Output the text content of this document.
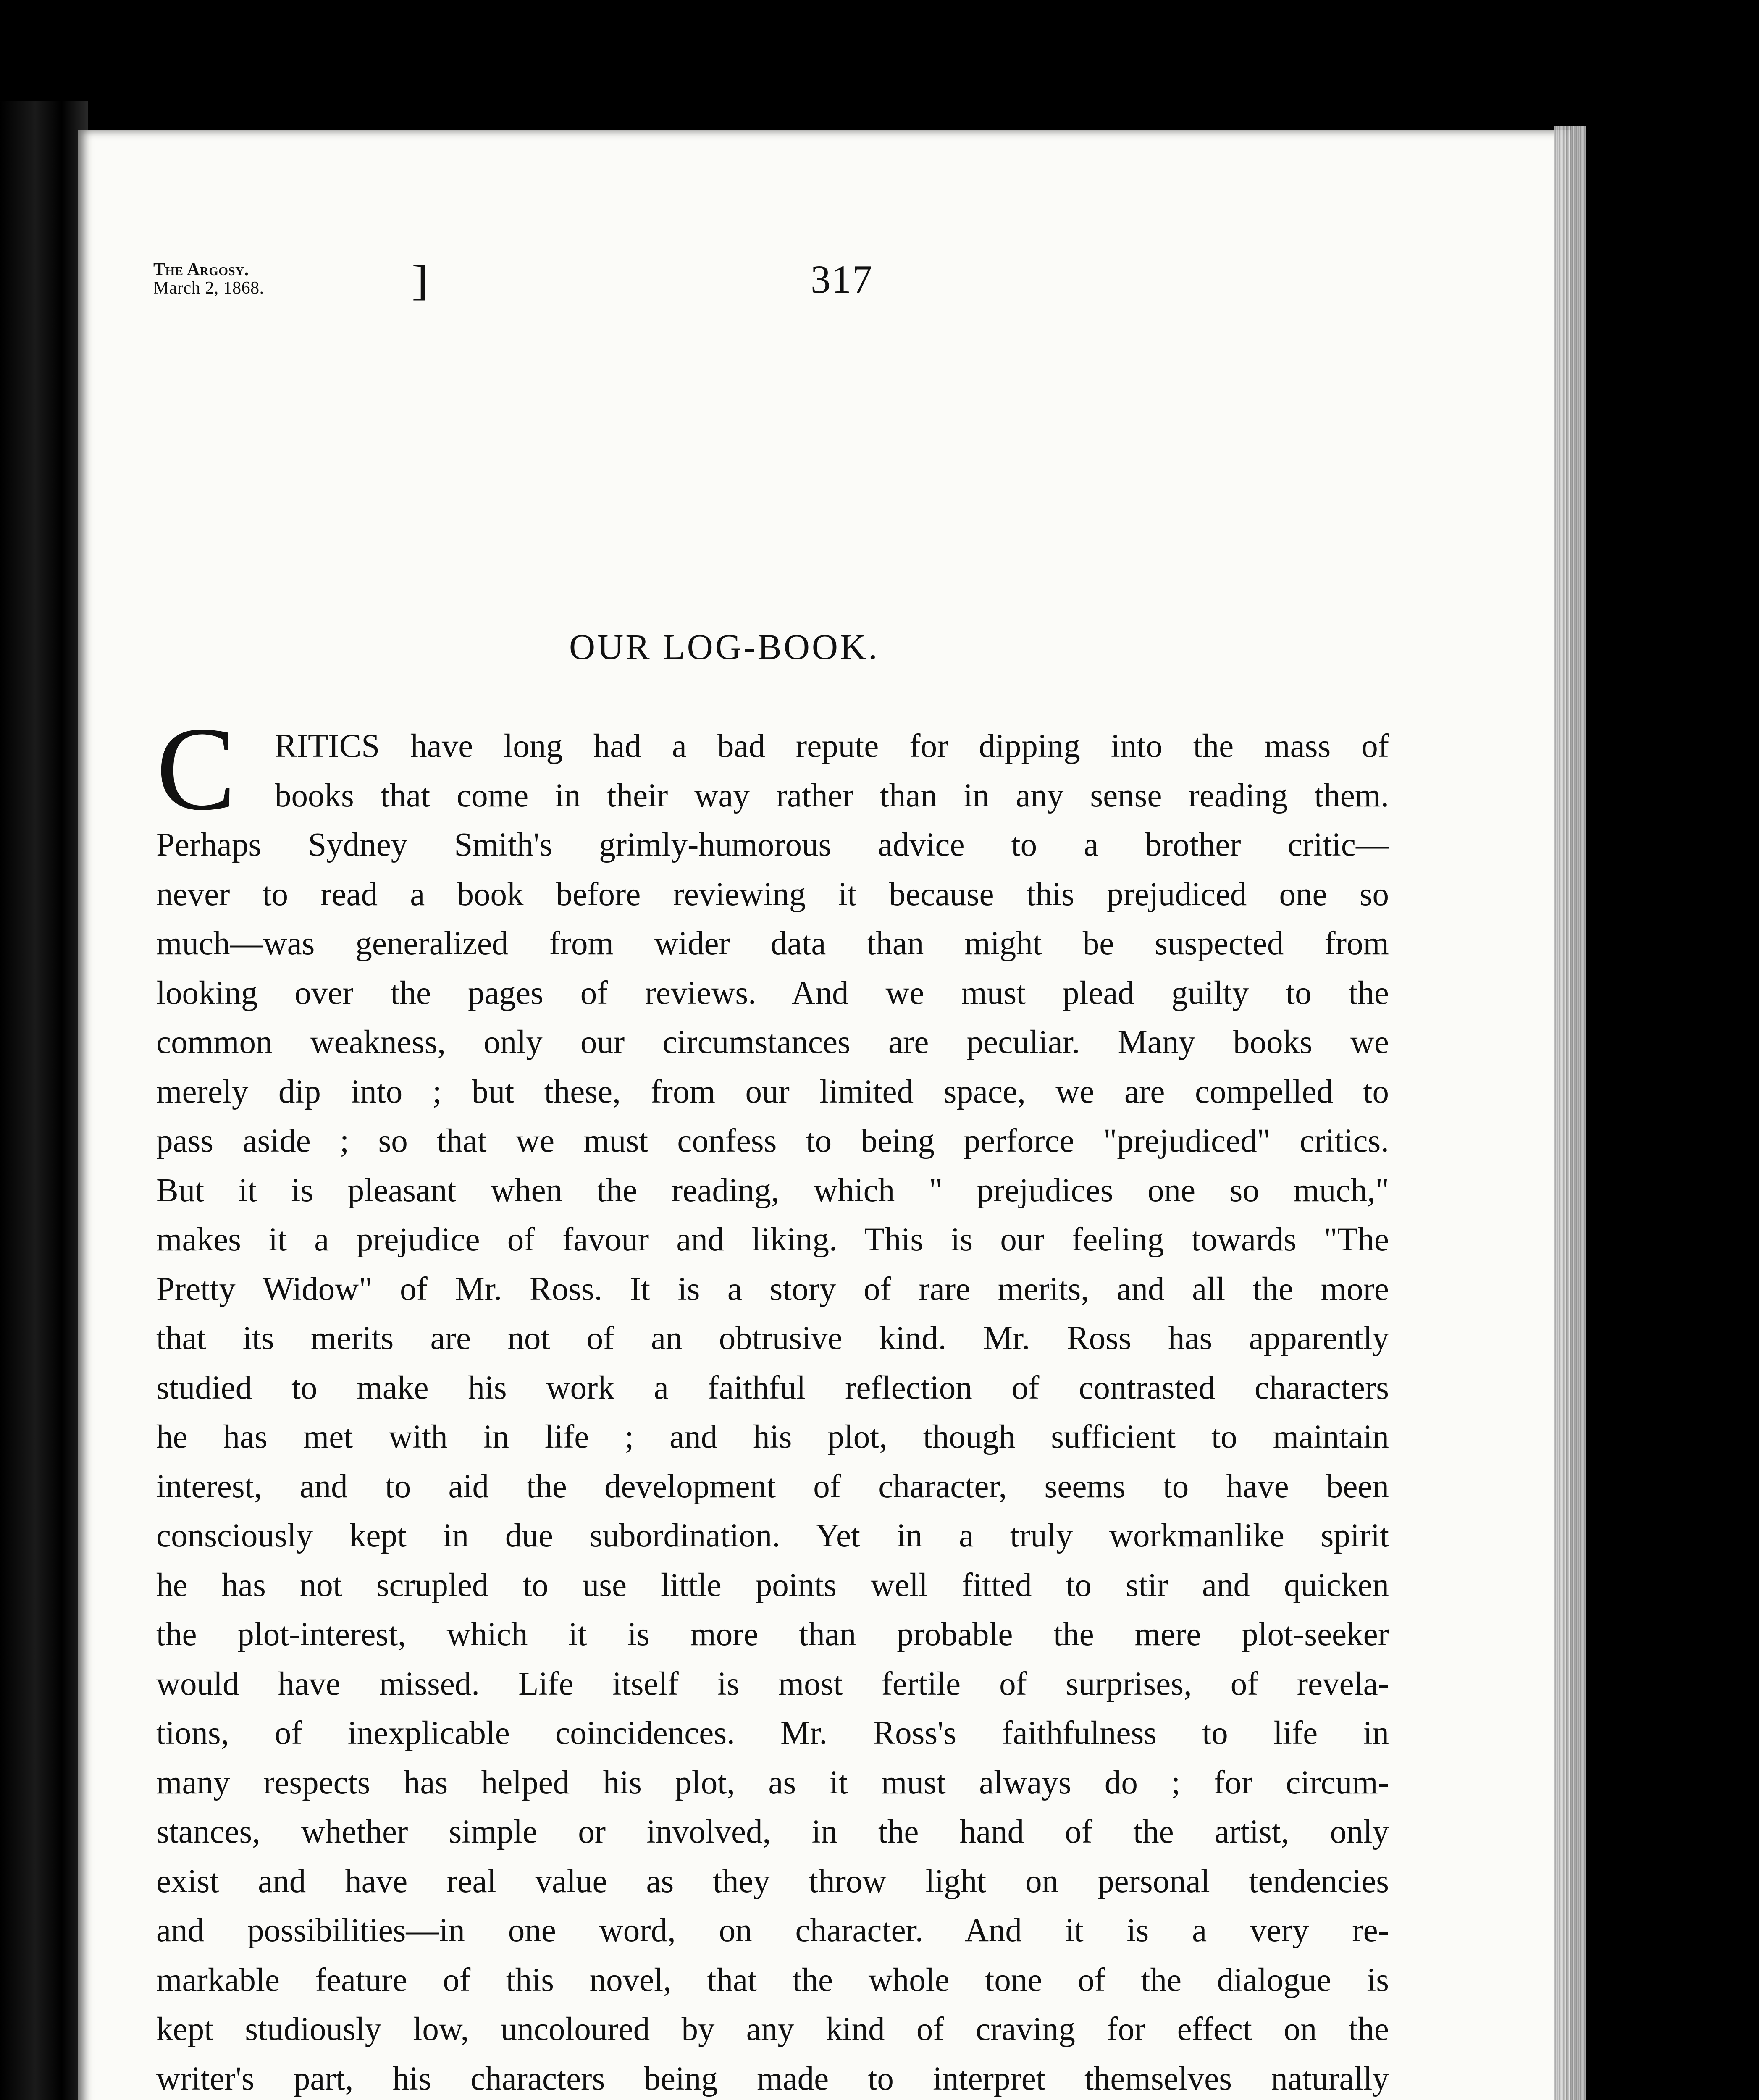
The Argosy.
March 2, 1868.	]	317
OUR LOG-BOOK.
C	RITICS have long had a bad repute for dipping into the mass of
books that come in their way rather than in any sense reading them.
Perhaps Sydney Smith's grimly-humorous advice to a brother critic—
never to read a book before reviewing it because this prejudiced one so
much—was generalized from wider data than might be suspected from
looking over the pages of reviews. And we must plead guilty to the
common weakness, only our circumstances are peculiar. Many books we
merely dip into ; but these, from our limited space, we are compelled to
pass aside ; so that we must confess to being perforce "prejudiced" critics.
But it is pleasant when the reading, which " prejudices one so much,"
makes it a prejudice of favour and liking. This is our feeling towards "The
Pretty Widow" of Mr. Ross. It is a story of rare merits, and all the more
that its merits are not of an obtrusive kind. Mr. Ross has apparently
studied to make his work a faithful reflection of contrasted characters
he has met with in life ; and his plot, though sufficient to maintain
interest, and to aid the development of character, seems to have been
consciously kept in due subordination. Yet in a truly workmanlike spirit
he has not scrupled to use little points well fitted to stir and quicken
the plot-interest, which it is more than probable the mere plot-seeker
would have missed. Life itself is most fertile of surprises, of revela-
tions, of inexplicable coincidences. Mr. Ross's faithfulness to life in
many respects has helped his plot, as it must always do ; for circum-
stances, whether simple or involved, in the hand of the artist, only
exist and have real value as they throw light on personal tendencies
and possibilities—in one word, on character. And it is a very re-
markable feature of this novel, that the whole tone of the dialogue is
kept studiously low, uncoloured by any kind of craving for effect on the
writer's part, his characters being made to interpret themselves naturally
